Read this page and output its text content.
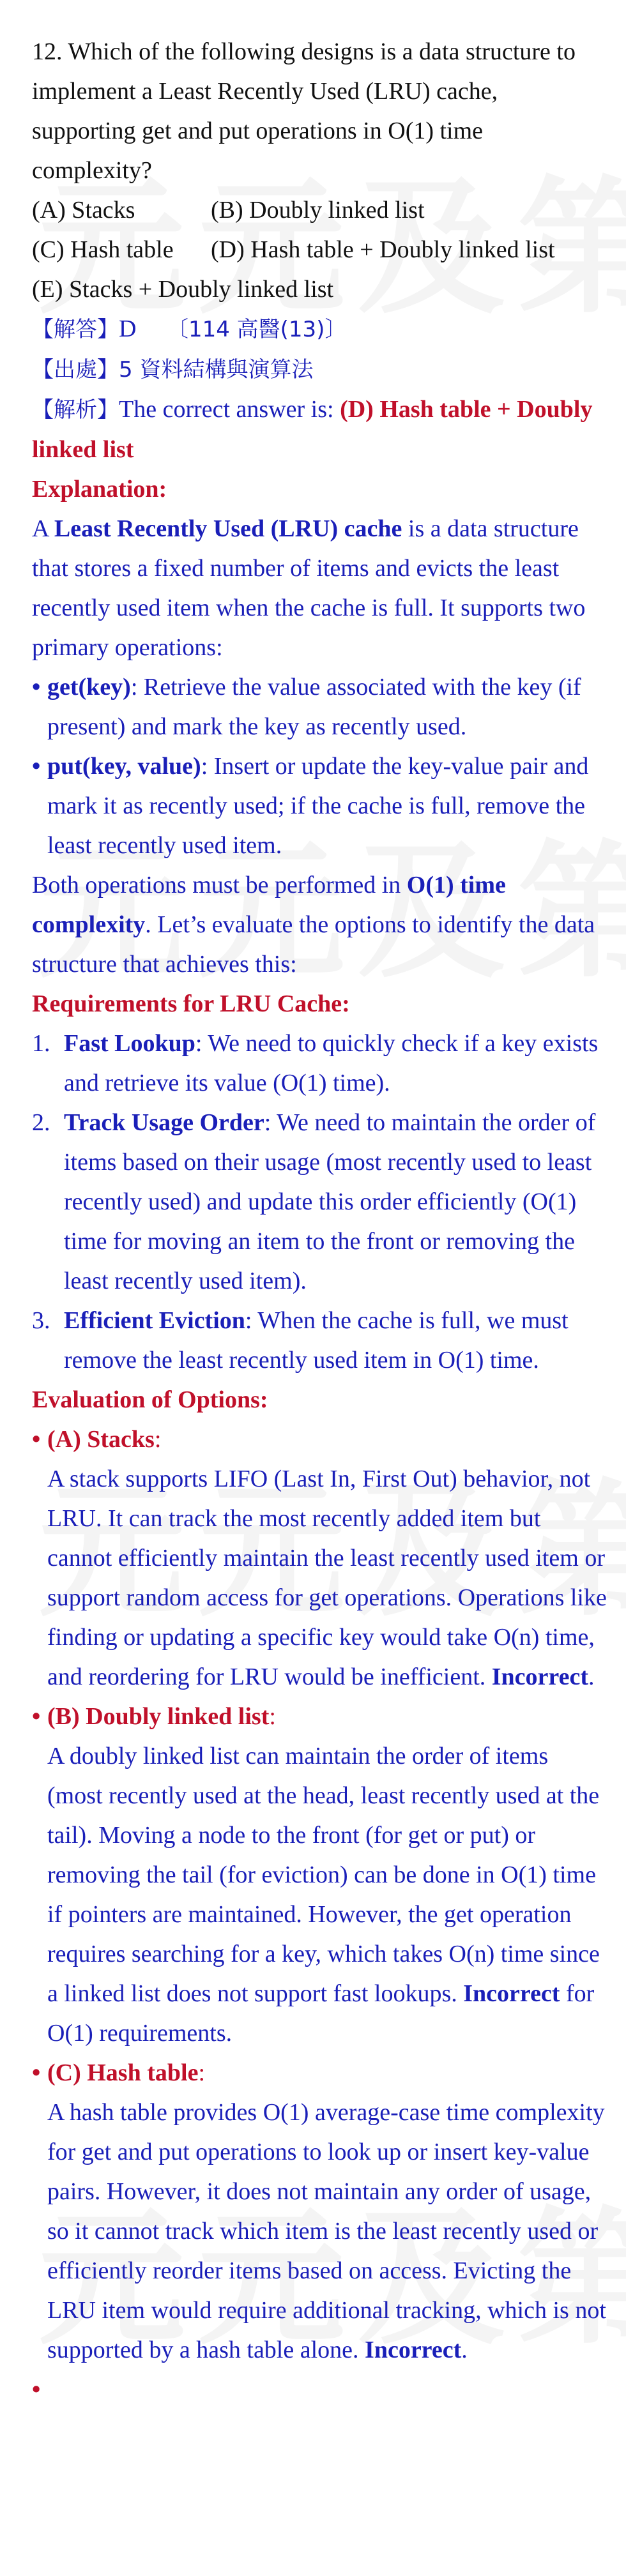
12. Which of the following designs is a data structure to implement a Least Recently Used (LRU) cache, supporting get and put operations in O(1) time complexity?

(A) Stacks	(B) Doubly linked list
(C) Hash table	(D) Hash table + Doubly linked list

(E) Stacks + Doubly linked list

【解答】D 〔114 高醫(13)〕

【出處】5 資料結構與演算法

【解析】The correct answer is: (D) Hash table + Doubly linked list

Explanation:

A Least Recently Used (LRU) cache is a data structure that stores a fixed number of items and evicts the least recently used item when the cache is full. It supports two primary operations:

• get(key): Retrieve the value associated with the key (if present) and mark the key as recently used.
• put(key, value): Insert or update the key-value pair and mark it as recently used; if the cache is full, remove the least recently used item.

Both operations must be performed in O(1) time complexity. Let’s evaluate the options to identify the data structure that achieves this:

Requirements for LRU Cache:

1. Fast Lookup: We need to quickly check if a key exists and retrieve its value (O(1) time).
2. Track Usage Order: We need to maintain the order of items based on their usage (most recently used to least recently used) and update this order efficiently (O(1) time for moving an item to the front or removing the least recently used item).
3. Efficient Eviction: When the cache is full, we must remove the least recently used item in O(1) time.

Evaluation of Options:

• (A) Stacks:

A stack supports LIFO (Last In, First Out) behavior, not LRU. It can track the most recently added item but cannot efficiently maintain the least recently used item or support random access for get operations. Operations like finding or updating a specific key would take O(n) time, and reordering for LRU would be inefficient. Incorrect.

• (B) Doubly linked list:

A doubly linked list can maintain the order of items (most recently used at the head, least recently used at the tail). Moving a node to the front (for get or put) or removing the tail (for eviction) can be done in O(1) time if pointers are maintained. However, the get operation requires searching for a key, which takes O(n) time since a linked list does not support fast lookups. Incorrect for O(1) requirements.

• (C) Hash table:

A hash table provides O(1) average-case time complexity for get and put operations to look up or insert key-value pairs. However, it does not maintain any order of usage, so it cannot track which item is the least recently used or efficiently reorder items based on access. Evicting the LRU item would require additional tracking, which is not supported by a hash table alone. Incorrect.

•
